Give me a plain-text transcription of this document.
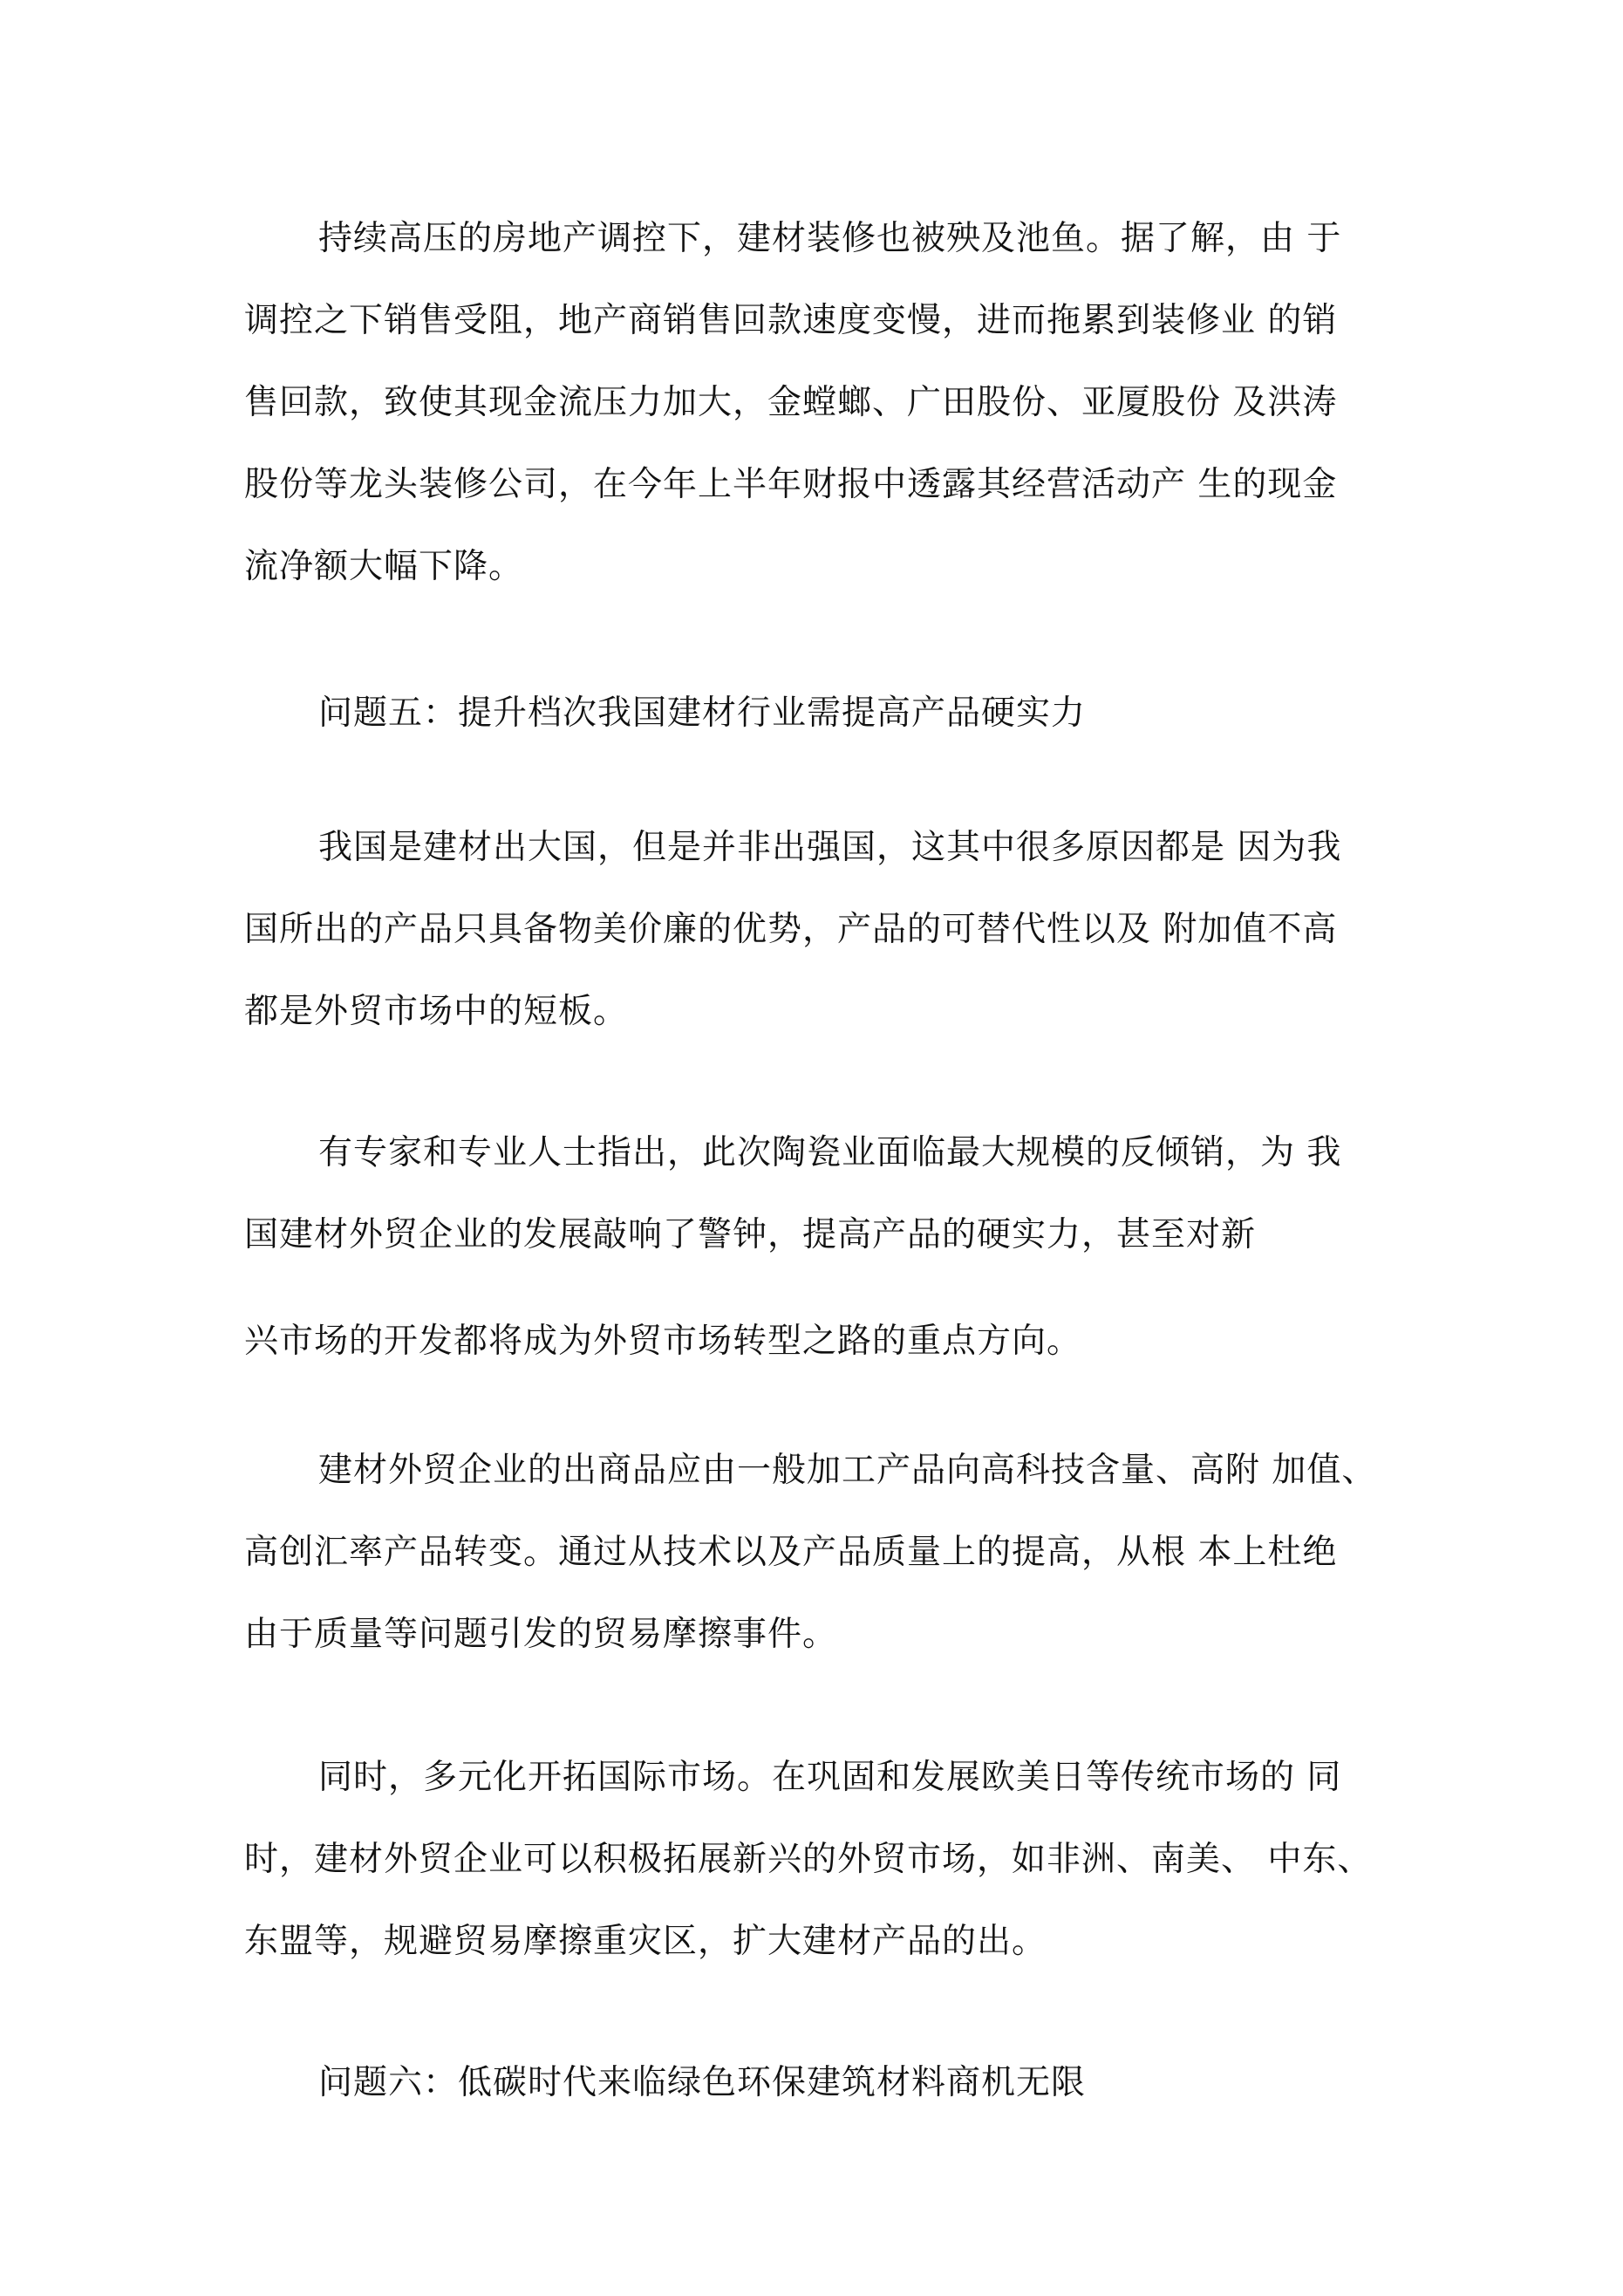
持续高压的房地产调控下，建材装修也被殃及池鱼。据了解，由 于
调控之下销售受阻，地产商销售回款速度变慢，进而拖累到装修业 的销
售回款，致使其现金流压力加大，金螳螂、广田股份、亚厦股份 及洪涛
股份等龙头装修公司，在今年上半年财报中透露其经营活动产 生的现金
流净额大幅下降。
问题五：提升档次我国建材行业需提高产品硬实力
我国是建材出大国，但是并非出强国，这其中很多原因都是 因为我
国所出的产品只具备物美价廉的优势，产品的可替代性以及 附加值不高
都是外贸市场中的短板。
有专家和专业人士指出，此次陶瓷业面临最大规模的反倾销，为 我
国建材外贸企业的发展敲响了警钟，提高产品的硬实力，甚至对新
兴市场的开发都将成为外贸市场转型之路的重点方向。
建材外贸企业的出商品应由一般加工产品向高科技含量、高附 加值、
高创汇率产品转变。通过从技术以及产品质量上的提高，从根 本上杜绝
由于质量等问题引发的贸易摩擦事件。
同时，多元化开拓国际市场。在巩固和发展欧美日等传统市场的 同
时，建材外贸企业可以积极拓展新兴的外贸市场，如非洲、南美、 中东、
东盟等，规避贸易摩擦重灾区，扩大建材产品的出。
问题六：低碳时代来临绿色环保建筑材料商机无限
